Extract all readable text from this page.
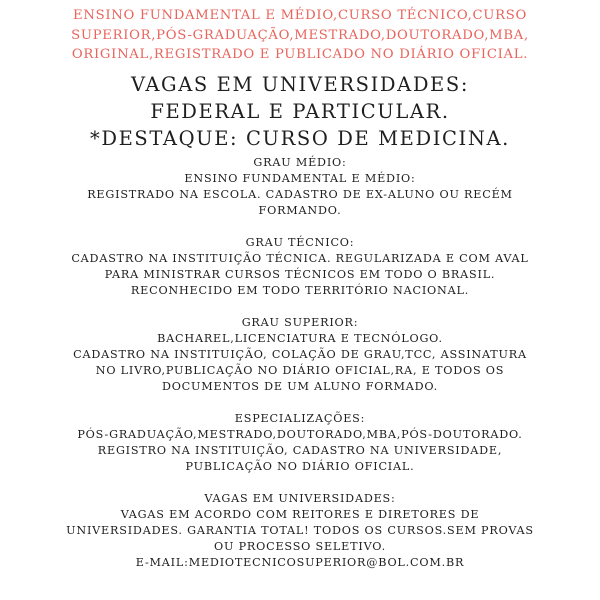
ENSINO FUNDAMENTAL E MÉDIO,CURSO TÉCNICO,CURSO
SUPERIOR,PÓS-GRADUAÇÃO,MESTRADO,DOUTORADO,MBA,
ORIGINAL,REGISTRADO E PUBLICADO NO DIÁRIO OFICIAL.
VAGAS EM UNIVERSIDADES:
FEDERAL E PARTICULAR.
*DESTAQUE: CURSO DE MEDICINA.
GRAU MÉDIO:
ENSINO FUNDAMENTAL E MÉDIO:
REGISTRADO NA ESCOLA. CADASTRO DE EX-ALUNO OU RECÉM
FORMANDO.
GRAU TÉCNICO:
CADASTRO NA INSTITUIÇÃO TÉCNICA. REGULARIZADA E COM AVAL
PARA MINISTRAR CURSOS TÉCNICOS EM TODO O BRASIL.
RECONHECIDO EM TODO TERRITÓRIO NACIONAL.
GRAU SUPERIOR:
BACHAREL,LICENCIATURA E TECNÓLOGO.
CADASTRO NA INSTITUIÇÃO, COLAÇÃO DE GRAU,TCC, ASSINATURA
NO LIVRO,PUBLICAÇÃO NO DIÁRIO OFICIAL,RA, E TODOS OS
DOCUMENTOS DE UM ALUNO FORMADO.
ESPECIALIZAÇÕES:
PÓS-GRADUAÇÃO,MESTRADO,DOUTORADO,MBA,PÓS-DOUTORADO.
REGISTRO NA INSTITUIÇÃO, CADASTRO NA UNIVERSIDADE,
PUBLICAÇÃO NO DIÁRIO OFICIAL.
VAGAS EM UNIVERSIDADES:
VAGAS EM ACORDO COM REITORES E DIRETORES DE
UNIVERSIDADES. GARANTIA TOTAL! TODOS OS CURSOS.SEM PROVAS
OU PROCESSO SELETIVO.
E-MAIL:MEDIOTECNICOSUPERIOR@BOL.COM.BR
